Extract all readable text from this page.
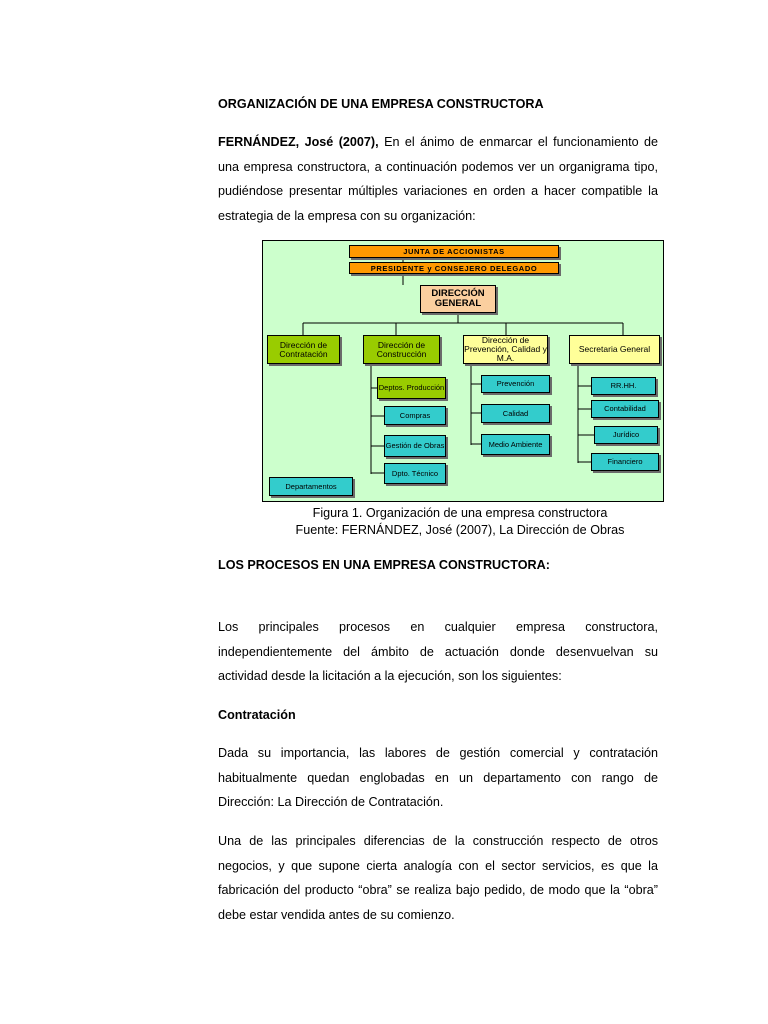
ORGANIZACIÓN DE UNA EMPRESA CONSTRUCTORA
FERNÁNDEZ, José (2007), En el ánimo de enmarcar el funcionamiento de una empresa constructora, a continuación podemos ver un organigrama tipo, pudiéndose presentar múltiples variaciones en orden a hacer compatible la estrategia de la empresa con su organización:
JUNTA DE ACCIONISTAS
PRESIDENTE y CONSEJERO DELEGADO
DIRECCIÓN GENERAL
Dirección de Contratación
Dirección de Construcción
Dirección de Prevención, Calidad y M.A.
Secretaria General
Deptos. Producción
Compras
Gestión de Obras
Dpto. Técnico
Prevención
Calidad
Medio Ambiente
RR.HH.
Contabilidad
Jurídico
Financiero
Departamentos
Figura 1. Organización de una empresa constructora
Fuente: FERNÁNDEZ, José (2007), La Dirección de Obras
LOS PROCESOS EN UNA EMPRESA CONSTRUCTORA:
Los principales procesos en cualquier empresa constructora, independientemente del ámbito de actuación donde desenvuelvan su actividad desde la licitación a la ejecución, son los siguientes:
Contratación
Dada su importancia, las labores de gestión comercial y contratación habitualmente quedan englobadas en un departamento con rango de Dirección: La Dirección de Contratación.
Una de las principales diferencias de la construcción respecto de otros negocios, y que supone cierta analogía con el sector servicios, es que la fabricación del producto “obra” se realiza bajo pedido, de modo que la “obra” debe estar vendida antes de su comienzo.
